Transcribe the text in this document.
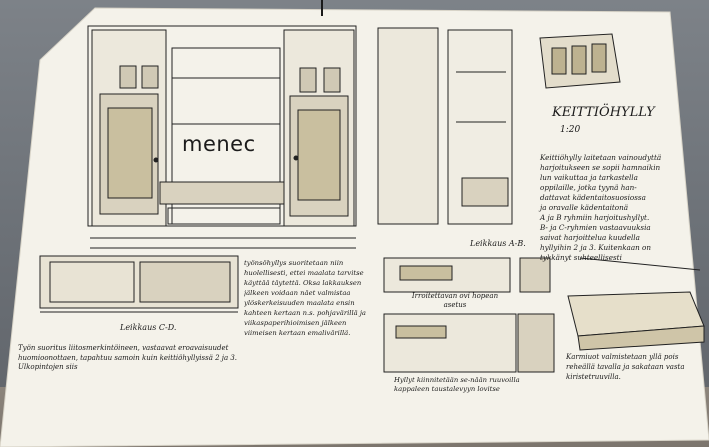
KEITTIÖHYLLY
1:20
Keittiöhylly laitetaan vainoudyttä
harjoitukseen se sopii hamnaikin
lun vaikuttaa ja tarkastella
oppilaille, jotka tyynä han-
dattavat kädentaitosuosiossa
ja oravalle kädentaitonä
A ja B ryhmiin harjoitushyllyt.
B- ja C-ryhmien vastaavuuksia
saivat harjoittelua kuudella
hyllyihin 2 ja 3. Kuitenkaan on
tykkänyt suhteellisesti
Leikkaus A-B.
Leikkaus C-D.
Irroitettavan ovi hopean asetus
Hyllyt kiinnitetään se-nään ruuvoilla kappaleen taustalevyyn lovitse
Työn suoritus liitosmerkintöineen, vastaavat eroavaisuudet huomioonottaen, tapahtuu samoin kuin keittiöhyllyissä 2 ja 3. Ulkopintojen siis
työnsöhyllys suoritetaan niin huolellisesti, ettei maalata tarvitse käyttää täytettä. Oksa lakkauksen jälkeen voidaan näet valmistaa ylöskerkeisuuden maalata ensin kahteen kertaan n.s. pohjavärillä ja viikaspaperihioimisen jälkeen viimeisen kertaan emalivärillä.
Karmiuot valmistetaan yllä pois reheällä tavalla ja sakataan vasta kiristetruuvilla.
menec
